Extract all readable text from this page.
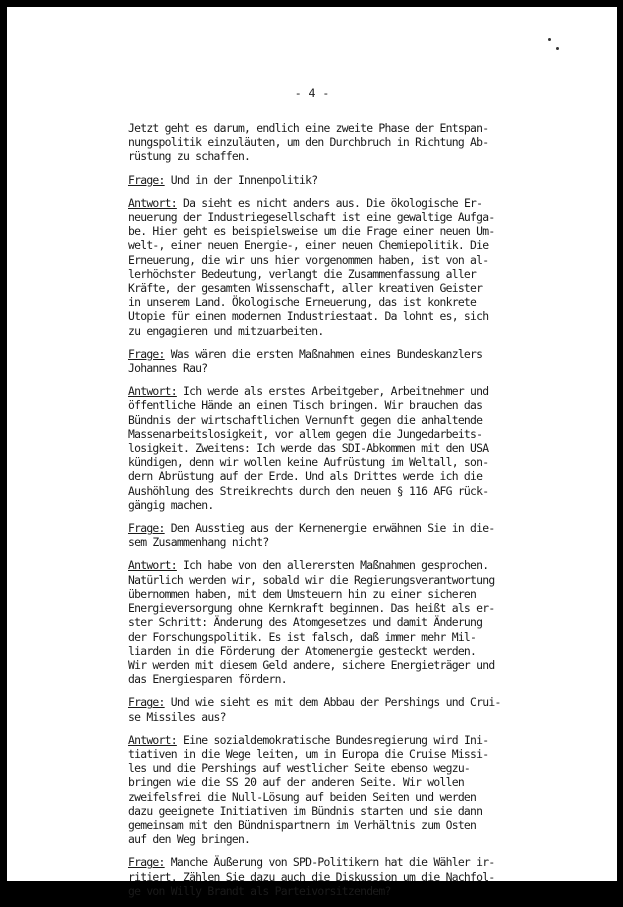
- 4 -
Jetzt geht es darum, endlich eine zweite Phase der Entspan-
nungspolitik einzuläuten, um den Durchbruch in Richtung Ab-
rüstung zu schaffen.
Frage: Und in der Innenpolitik?
Antwort: Da sieht es nicht anders aus. Die ökologische Er-
neuerung der Industriegesellschaft ist eine gewaltige Aufga-
be. Hier geht es beispielsweise um die Frage einer neuen Um-
welt-, einer neuen Energie-, einer neuen Chemiepolitik. Die
Erneuerung, die wir uns hier vorgenommen haben, ist von al-
lerhöchster Bedeutung, verlangt die Zusammenfassung aller
Kräfte, der gesamten Wissenschaft, aller kreativen Geister
in unserem Land. Ökologische Erneuerung, das ist konkrete
Utopie für einen modernen Industriestaat. Da lohnt es, sich
zu engagieren und mitzuarbeiten.
Frage: Was wären die ersten Maßnahmen eines Bundeskanzlers
Johannes Rau?
Antwort: Ich werde als erstes Arbeitgeber, Arbeitnehmer und
öffentliche Hände an einen Tisch bringen. Wir brauchen das
Bündnis der wirtschaftlichen Vernunft gegen die anhaltende
Massenarbeitslosigkeit, vor allem gegen die Jungedarbeits-
losigkeit. Zweitens: Ich werde das SDI-Abkommen mit den USA
kündigen, denn wir wollen keine Aufrüstung im Weltall, son-
dern Abrüstung auf der Erde. Und als Drittes werde ich die
Aushöhlung des Streikrechts durch den neuen § 116 AFG rück-
gängig machen.
Frage: Den Ausstieg aus der Kernenergie erwähnen Sie in die-
sem Zusammenhang nicht?
Antwort: Ich habe von den allerersten Maßnahmen gesprochen.
Natürlich werden wir, sobald wir die Regierungsverantwortung
übernommen haben, mit dem Umsteuern hin zu einer sicheren
Energieversorgung ohne Kernkraft beginnen. Das heißt als er-
ster Schritt: Änderung des Atomgesetzes und damit Änderung
der Forschungspolitik. Es ist falsch, daß immer mehr Mil-
liarden in die Förderung der Atomenergie gesteckt werden.
Wir werden mit diesem Geld andere, sichere Energieträger und
das Energiesparen fördern.
Frage: Und wie sieht es mit dem Abbau der Pershings und Crui-
se Missiles aus?
Antwort: Eine sozialdemokratische Bundesregierung wird Ini-
tiativen in die Wege leiten, um in Europa die Cruise Missi-
les und die Pershings auf westlicher Seite ebenso wegzu-
bringen wie die SS 20 auf der anderen Seite. Wir wollen
zweifelsfrei die Null-Lösung auf beiden Seiten und werden
dazu geeignete Initiativen im Bündnis starten und sie dann
gemeinsam mit den Bündnispartnern im Verhältnis zum Osten
auf den Weg bringen.
Frage: Manche Äußerung von SPD-Politikern hat die Wähler ir-
ritiert. Zählen Sie dazu auch die Diskussion um die Nachfol-
ge von Willy Brandt als Parteivorsitzendem?
